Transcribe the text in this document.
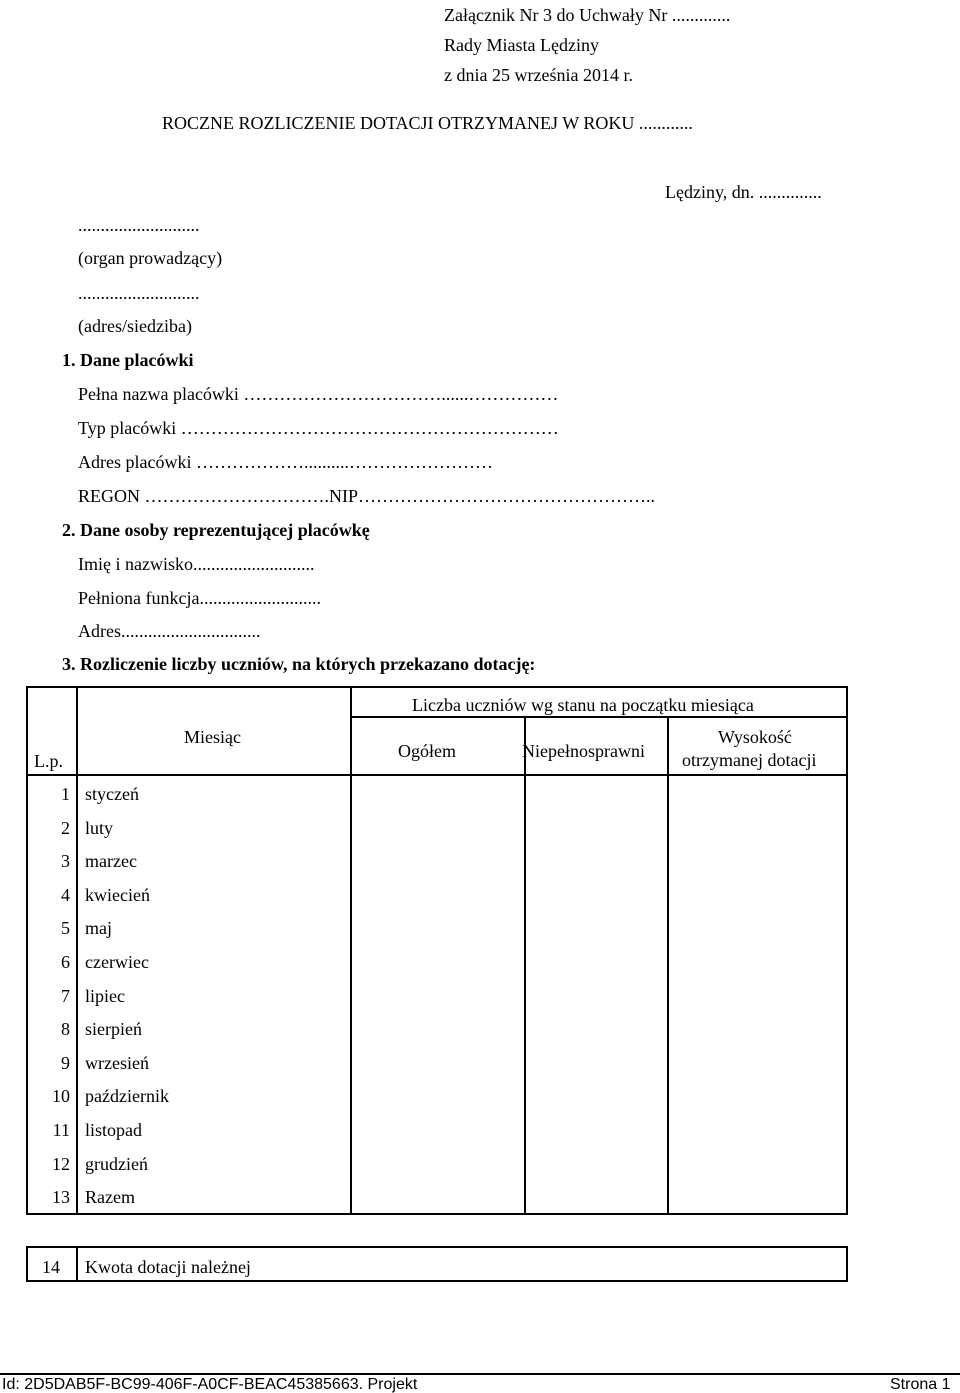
Załącznik Nr 3 do Uchwały Nr .............
Rady Miasta Lędziny
z dnia 25 września 2014 r.
ROCZNE ROZLICZENIE DOTACJI OTRZYMANEJ W ROKU ............
Lędziny, dn. ..............
...........................
(organ prowadzący)
...........................
(adres/siedziba)
1. Dane placówki
Pełna nazwa placówki ……………………………......……………
Typ placówki ………………………………………………………
Adres placówki ………………..........……………………
REGON ………………………….NIP…………………………………………..
2. Dane osoby reprezentującej placówkę
Imię i nazwisko...........................
Pełniona funkcja...........................
Adres...............................
3. Rozliczenie liczby uczniów, na których przekazano dotację:
L.p.
Miesiąc
Liczba uczniów wg stanu na początku miesiąca
Ogółem	Niepełnosprawni
Wysokość
otrzymanej dotacji
1 styczeń
2 luty
3 marzec
4 kwiecień
5 maj
6 czerwiec
7 lipiec
8 sierpień
9 wrzesień
10 październik
11 listopad
12 grudzień
13 Razem
14 Kwota dotacji należnej
Id: 2D5DAB5F-BC99-406F-A0CF-BEAC45385663. Projekt	Strona 1
